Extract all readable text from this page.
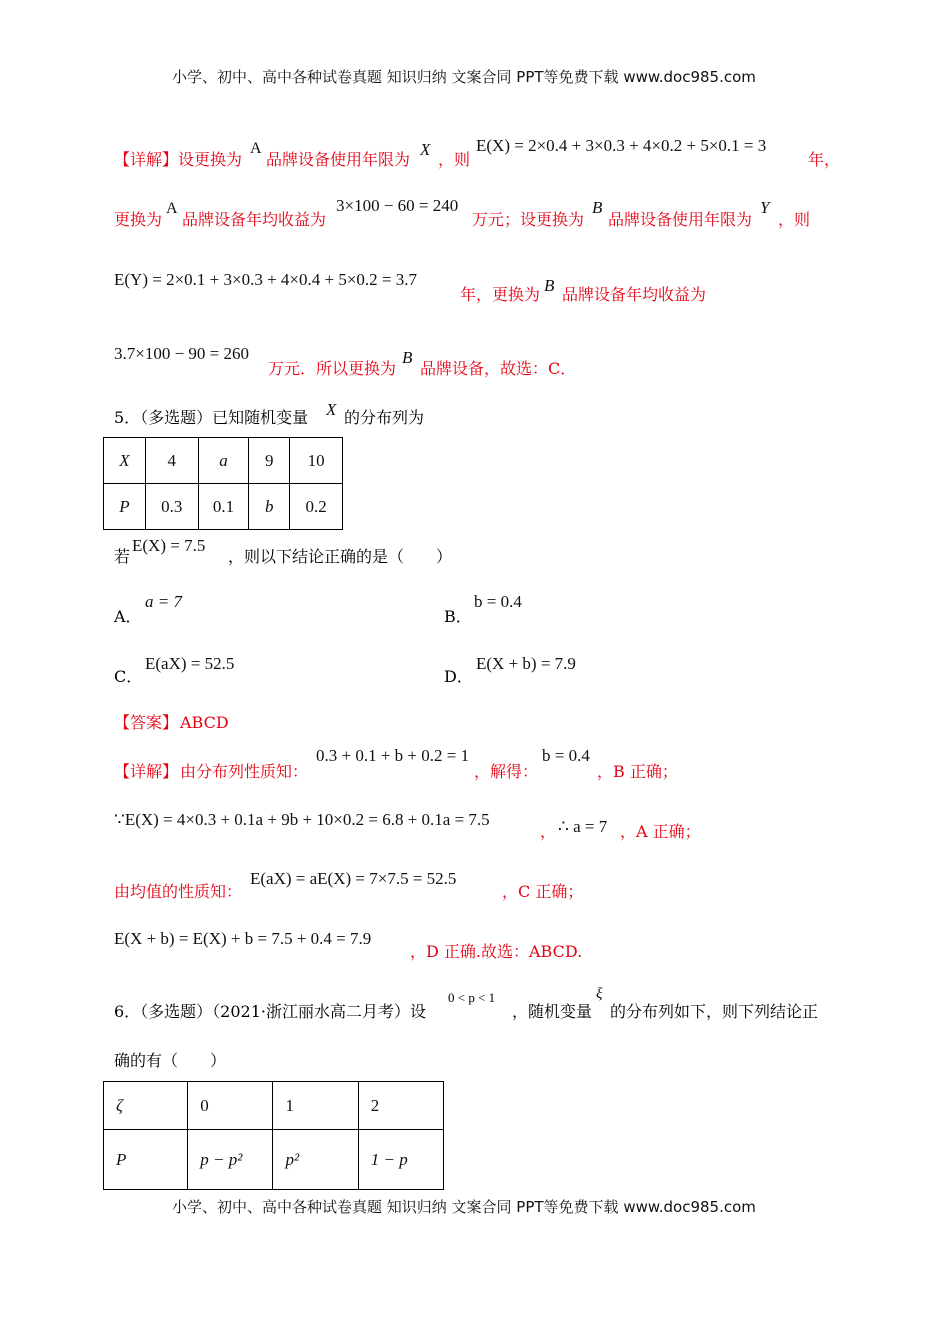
小学、初中、高中各种试卷真题 知识归纳 文案合同 PPT等免费下载 www.doc985.com
【详解】 设更换为
A
品牌设备使用年限为
X
，则
E(X) = 2×0.4 + 3×0.3 + 4×0.2 + 5×0.1 = 3
年，
更换为
A
品牌设备年均收益为
3×100 − 60 = 240
万元；设更换为
B
品牌设备使用年限为
Y
，则
E(Y) = 2×0.1 + 3×0.3 + 4×0.4 + 5×0.2 = 3.7
年，更换为 B 品牌设备年均收益为
3.7×100 − 90 = 260
万元．所以更换为
B
品牌设备，故选：C．
5．（多选题）已知随机变量 X 的分布列为
X	4	a	9	10
P	0.3	0.1	b	0.2
若
E(X) = 7.5
，则以下结论正确的是（　　）
A．
a = 7
B．
b = 0.4
C．
E(aX) = 52.5
D．
E(X + b) = 7.9
【答案】 ABCD
【详解】 由分布列性质知：
0.3 + 0.1 + b + 0.2 = 1
，解得：
b = 0.4
，B 正确；
∵E(X) = 4×0.3 + 0.1a + 9b + 10×0.2 = 6.8 + 0.1a = 7.5
， ∴ a = 7 ，A 正确；
由均值的性质知：
E(aX) = aE(X) = 7×7.5 = 52.5
，C 正确；
E(X + b) = E(X) + b = 7.5 + 0.4 = 7.9
，D 正确.故选：ABCD.
6．（多选题）（2021·浙江丽水高二月考）设
0 < p < 1
，随机变量
ξ
的分布列如下，则下列结论正
确的有（　　）
ζ	0	1	2
P	p − p²	p²	1 − p
小学、初中、高中各种试卷真题 知识归纳 文案合同 PPT等免费下载 www.doc985.com
